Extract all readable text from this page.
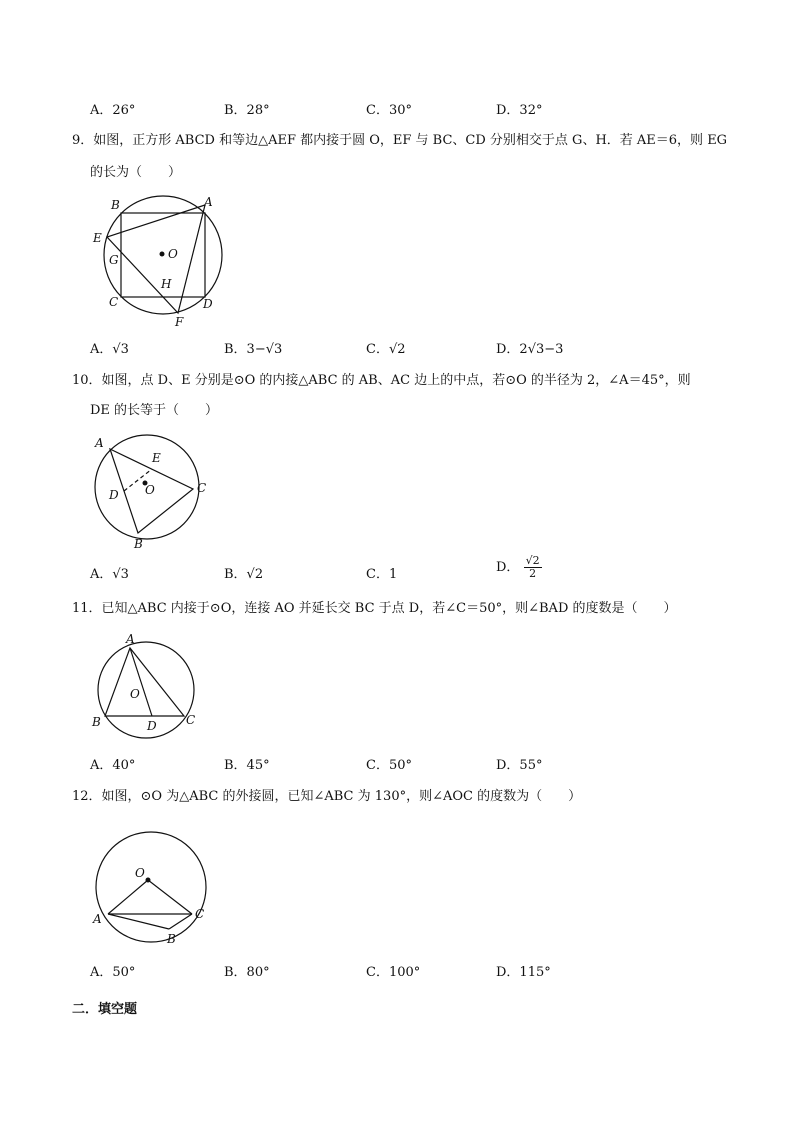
A．26°	B．28°	C．30°	D．32°
9．如图，正方形 ABCD 和等边△AEF 都内接于圆 O，EF 与 BC、CD 分别相交于点 G、H．若 AE＝6，则 EG
的长为（　　）
B	A
E
G	O
H
C	D
F
A．√3	B．3−√3	C．√2	D．2√3−3
10．如图，点 D、E 分别是⊙O 的内接△ABC 的 AB、AC 边上的中点，若⊙O 的半径为 2，∠A＝45°，则
DE 的长等于（　　）
A
E
D O	C
B
A．√3	B．√2	C．1	D． $\frac{√2}{2}$
11．已知△ABC 内接于⊙O，连接 AO 并延长交 BC 于点 D，若∠C＝50°，则∠BAD 的度数是（　　）
A
O
B	D C
A．40°	B．45°	C．50°	D．55°
12．如图，⊙O 为△ABC 的外接圆，已知∠ABC 为 130°，则∠AOC 的度数为（　　）
O
A	C
B
A．50°	B．80°	C．100°	D．115°
二．填空题
